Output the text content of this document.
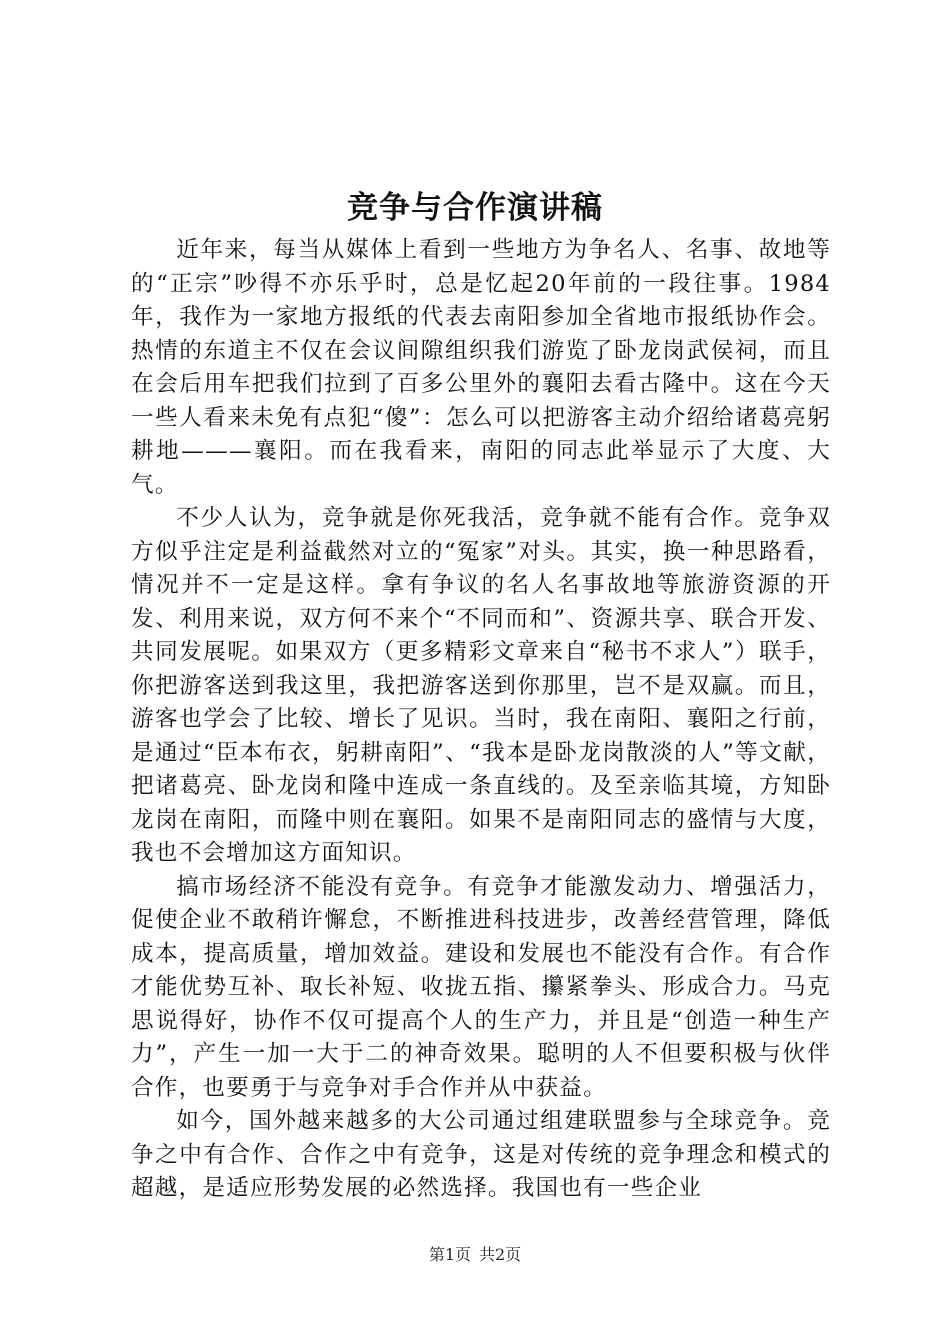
竞争与合作演讲稿

近年来，每当从媒体上看到一些地方为争名人、名事、故地等的“正宗”吵得不亦乐乎时，总是忆起20年前的一段往事。1984年，我作为一家地方报纸的代表去南阳参加全省地市报纸协作会。热情的东道主不仅在会议间隙组织我们游览了卧龙岗武侯祠，而且在会后用车把我们拉到了百多公里外的襄阳去看古隆中。这在今天一些人看来未免有点犯“傻”：怎么可以把游客主动介绍给诸葛亮躬耕地———襄阳。而在我看来，南阳的同志此举显示了大度、大气。

不少人认为，竞争就是你死我活，竞争就不能有合作。竞争双方似乎注定是利益截然对立的“冤家”对头。其实，换一种思路看，情况并不一定是这样。拿有争议的名人名事故地等旅游资源的开发、利用来说，双方何不来个“不同而和”、资源共享、联合开发、共同发展呢。如果双方（更多精彩文章来自“秘书不求人”）联手，你把游客送到我这里，我把游客送到你那里，岂不是双赢。而且，游客也学会了比较、增长了见识。当时，我在南阳、襄阳之行前，是通过“臣本布衣，躬耕南阳”、“我本是卧龙岗散淡的人”等文献，把诸葛亮、卧龙岗和隆中连成一条直线的。及至亲临其境，方知卧龙岗在南阳，而隆中则在襄阳。如果不是南阳同志的盛情与大度，我也不会增加这方面知识。

搞市场经济不能没有竞争。有竞争才能激发动力、增强活力，促使企业不敢稍许懈怠，不断推进科技进步，改善经营管理，降低成本，提高质量，增加效益。建设和发展也不能没有合作。有合作才能优势互补、取长补短、收拢五指、攥紧拳头、形成合力。马克思说得好，协作不仅可提高个人的生产力，并且是“创造一种生产力”，产生一加一大于二的神奇效果。聪明的人不但要积极与伙伴合作，也要勇于与竞争对手合作并从中获益。

如今，国外越来越多的大公司通过组建联盟参与全球竞争。竞争之中有合作、合作之中有竞争，这是对传统的竞争理念和模式的超越，是适应形势发展的必然选择。我国也有一些企业

第1页 共2页
